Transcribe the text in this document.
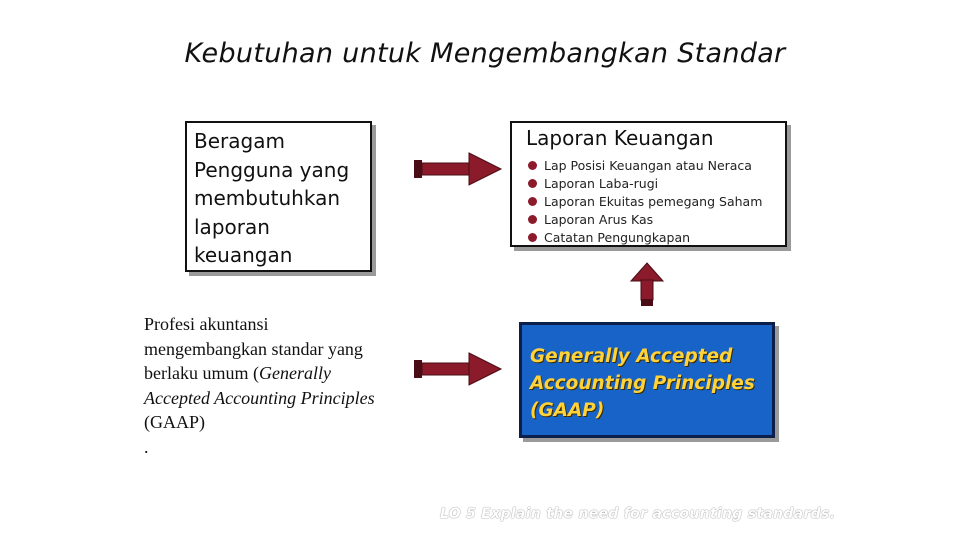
Kebutuhan untuk Mengembangkan Standar
Beragam
Pengguna yang
membutuhkan
laporan
keuangan
Laporan Keuangan
Lap Posisi Keuangan atau Neraca
Laporan Laba-rugi
Laporan Ekuitas pemegang Saham
Laporan Arus Kas
Catatan Pengungkapan
Profesi akuntansi
mengembangkan standar yang
berlaku umum (Generally
Accepted Accounting Principles
(GAAP)
.
Generally Accepted
Accounting Principles
(GAAP)
LO 5 Explain the need for accounting standards.
